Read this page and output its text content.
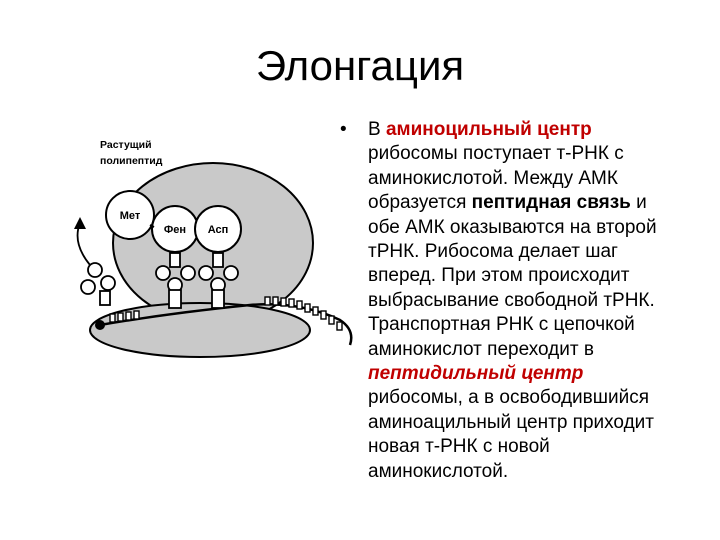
Элонгация
Растущий
полипептид
Мет
Фен Асп
• В аминоцильный центр рибосомы поступает т-РНК с аминокислотой. Между АМК образуется пептидная связь и обе АМК оказываются на второй тРНК. Рибосома делает шаг вперед. При этом происходит выбрасывание свободной тРНК. Транспортная РНК с цепочкой аминокислот переходит в пептидильный центр рибосомы, а в освободившийся аминоацильный центр приходит новая т-РНК с новой аминокислотой.
